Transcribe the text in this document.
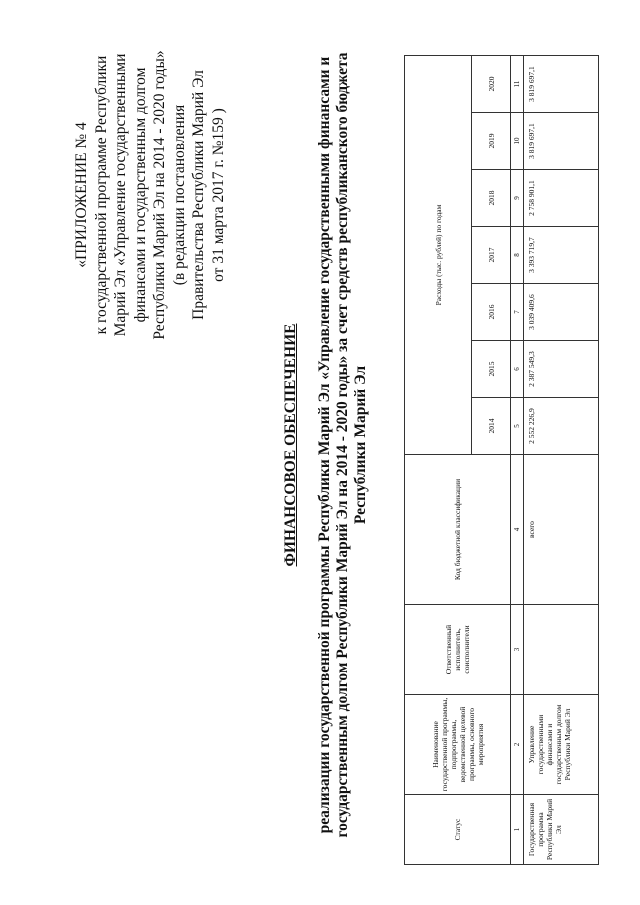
«ПРИЛОЖЕНИЕ № 4 к государственной программе Республики Марий Эл «Управление государственными финансами и государственным долгом Республики Марий Эл на 2014 - 2020 годы» (в редакции постановления Правительства Республики Марий Эл от 31 марта 2017 г. №159 )
ФИНАНСОВОЕ ОБЕСПЕЧЕНИЕ реализации государственной программы Республики Марий Эл «Управление государственными финансами и государственным долгом Республики Марий Эл на 2014 - 2020 годы» за счет средств республиканского бюджета Республики Марий Эл
Статус	Наименование государственной программы, подпрограммы, ведомственной целевой программы, основного мероприятия	Ответственный исполнитель, соисполнители	Код бюджетной классификации	Расходы (тыс. рублей) по годам						
				2014	2015	2016	2017	2018	2019	2020
1	2	3	4	5	6	7	8	9	10	11
Государственная программа Республики Марий Эл	Управление государственными финансами и государственным долгом Республики Марий Эл		всего	2 552 226,9	2 387 549,3	3 039 409,6	3 393 719,7	2 758 901,1	3 819 697,1	3 819 697,1
